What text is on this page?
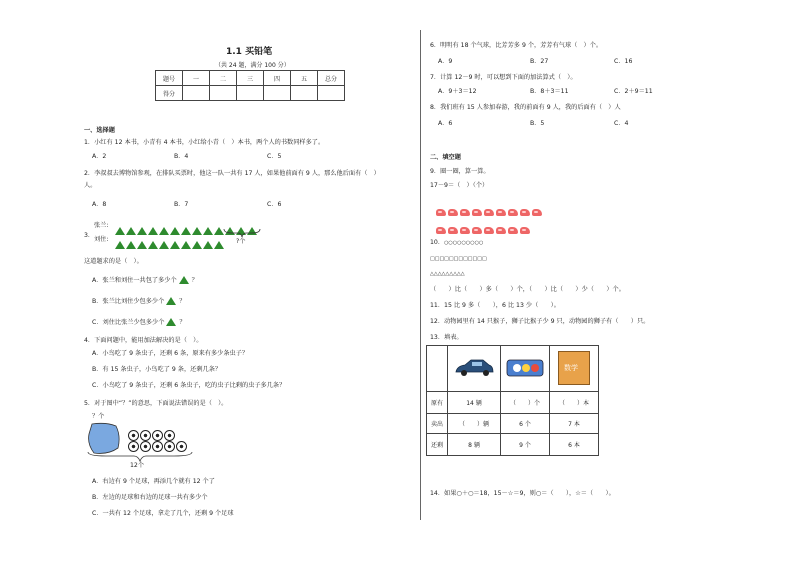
1.1 买铅笔
（共 24 题，满分 100 分）
题号	一	二	三	四	五	总分
得分						
一、选择题
1．小红有 12 本书，小青有 4 本书，小红给小青（　）本书，两个人的书数同样多了。
A．2	B．4	C．5
2．李叔叔去博物馆参观，在排队买票时，他这一队一共有 17 人，如果他前面有 9 人，那么他后面有（　）
人。
A．8	B．7	C．6
3．
张兰:
刘住:	?个
这道题求的是（　）。
A．张兰和刘住一共包了多少个 ？
B．张兰比刘住少包多少个 ？
C．刘住比张兰少包多少个 ？
4．下面问题中，能用加法解决的是（　）。
A．小鸟吃了 9 条虫子，还剩 6 条，原来有多少条虫子？
B．有 15 条虫子，小鸟吃了 9 条，还剩几条？
C．小鸟吃了 9 条虫子，还剩 6 条虫子，吃的虫子比剩的虫子多几条？
5．对于图中“？”的意思，下面说法错误的是（　）。
？个

12个
A．右边有 9 个足球，再添几个就有 12 个了
B．左边的足球和右边的足球一共有多少个
C．一共有 12 个足球，拿走了几个，还剩 9 个足球
6．明明有 18 个气球，比芳芳多 9 个，芳芳有气球（　）个。
A．9	B．27	C．16
7．计算 12－9 时，可以想到下面的加法算式（　）。
A．9＋3＝12	B．8＋3＝11	C．2＋9＝11
8．我们班有 15 人参加春游，我的前面有 9 人，我的后面有（　）人
A．6	B．5	C．4
二、填空题
9．圈一圈，算一算。
17－9＝（　）（个）
10．○○○○○○○○○
□□□□□□□□□□□□
△△△△△△△△△
（　　）比（　　）多（　　）个，（　　）比（　　）少（　　）个。
11．15 比 9 多（　　），6 比 13 少（　　）。
12．动物园里有 14 只猴子，狮子比猴子少 9 只，动物园的狮子有（　　）只。
13．填表。

数学

原有	14 辆	（　　）个	（　　）本
卖出	（　　）辆	6 个	7 本
还剩	8 辆	9 个	6 本
14．如果○＋○＝18，15－☆＝9，则○＝（　　），☆＝（　　）。
